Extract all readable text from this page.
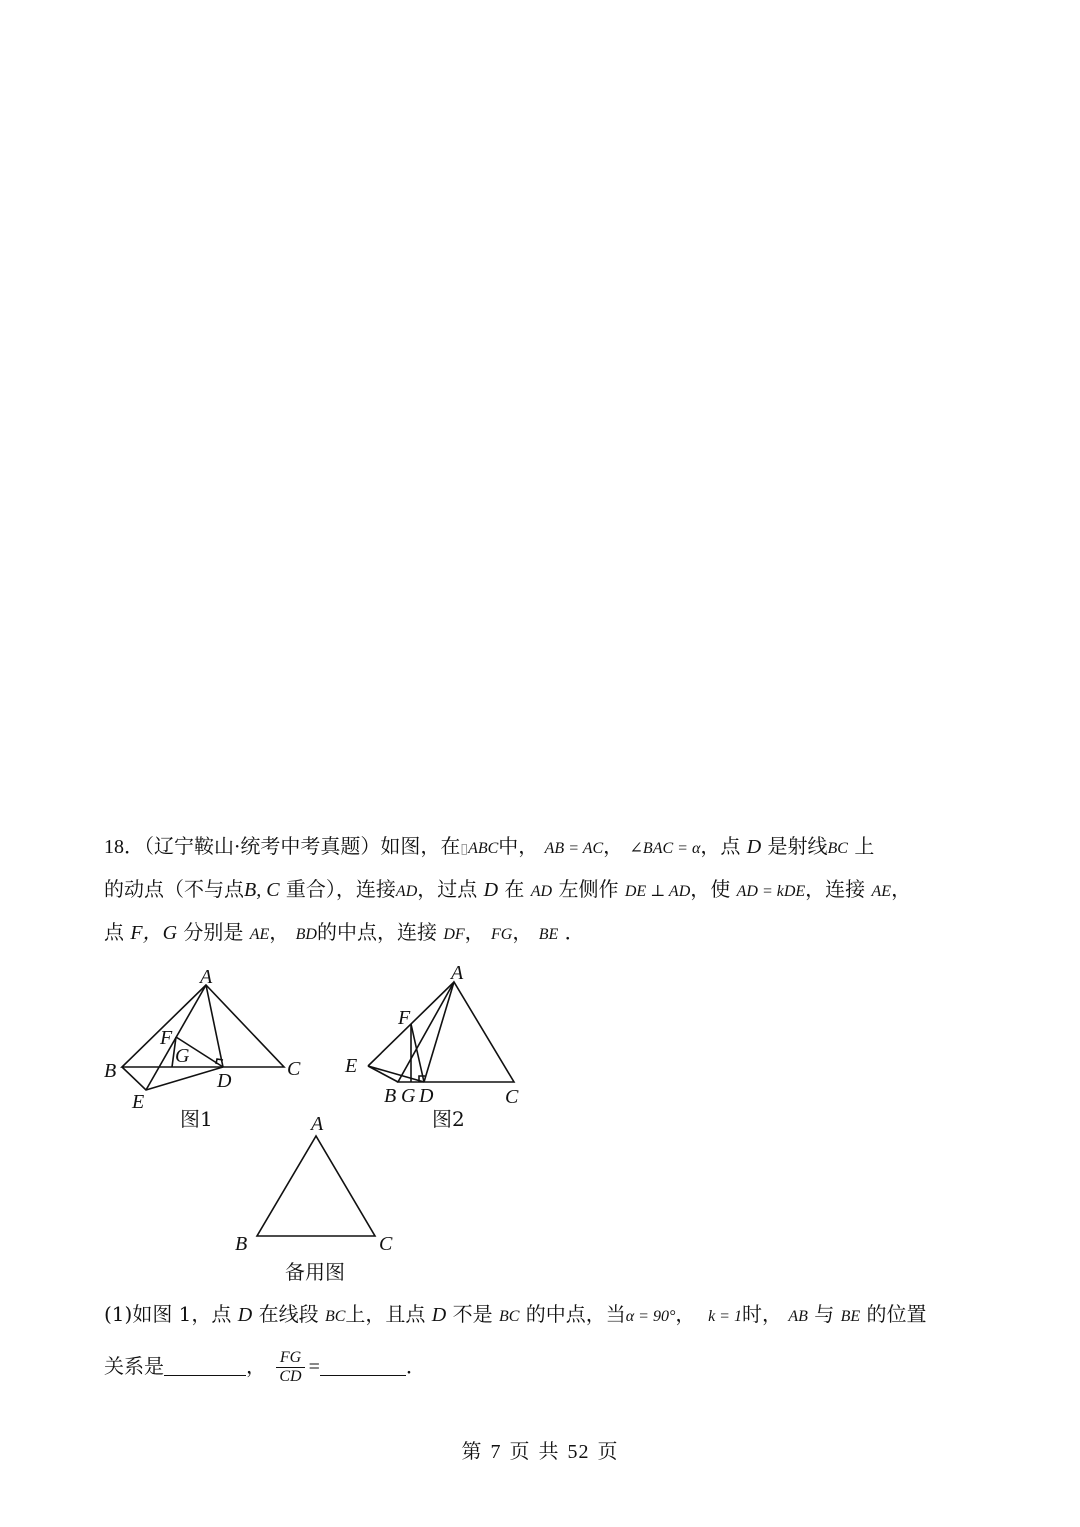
18．（辽宁鞍山·统考中考真题）如图，在▯ABC中， AB = AC， ∠BAC = α，点 D 是射线BC 上
的动点（不与点B, C 重合），连接AD，过点 D 在 AD 左侧作 DE ⊥ AD，使 AD = kDE，连接 AE，
点 F，G 分别是 AE， BD的中点，连接 DF， FG， BE ．
A
B	C
D
E
F
G
A
B	C
D
E
F
G
A
B	C
图1	图2
备用图
(1)如图 1，点 D 在线段 BC上，且点 D 不是 BC 的中点，当α = 90°， k = 1时， AB 与 BE 的位置
关系是	， $\frac{FG}{CD}$ =	．
第 7 页 共 52 页
